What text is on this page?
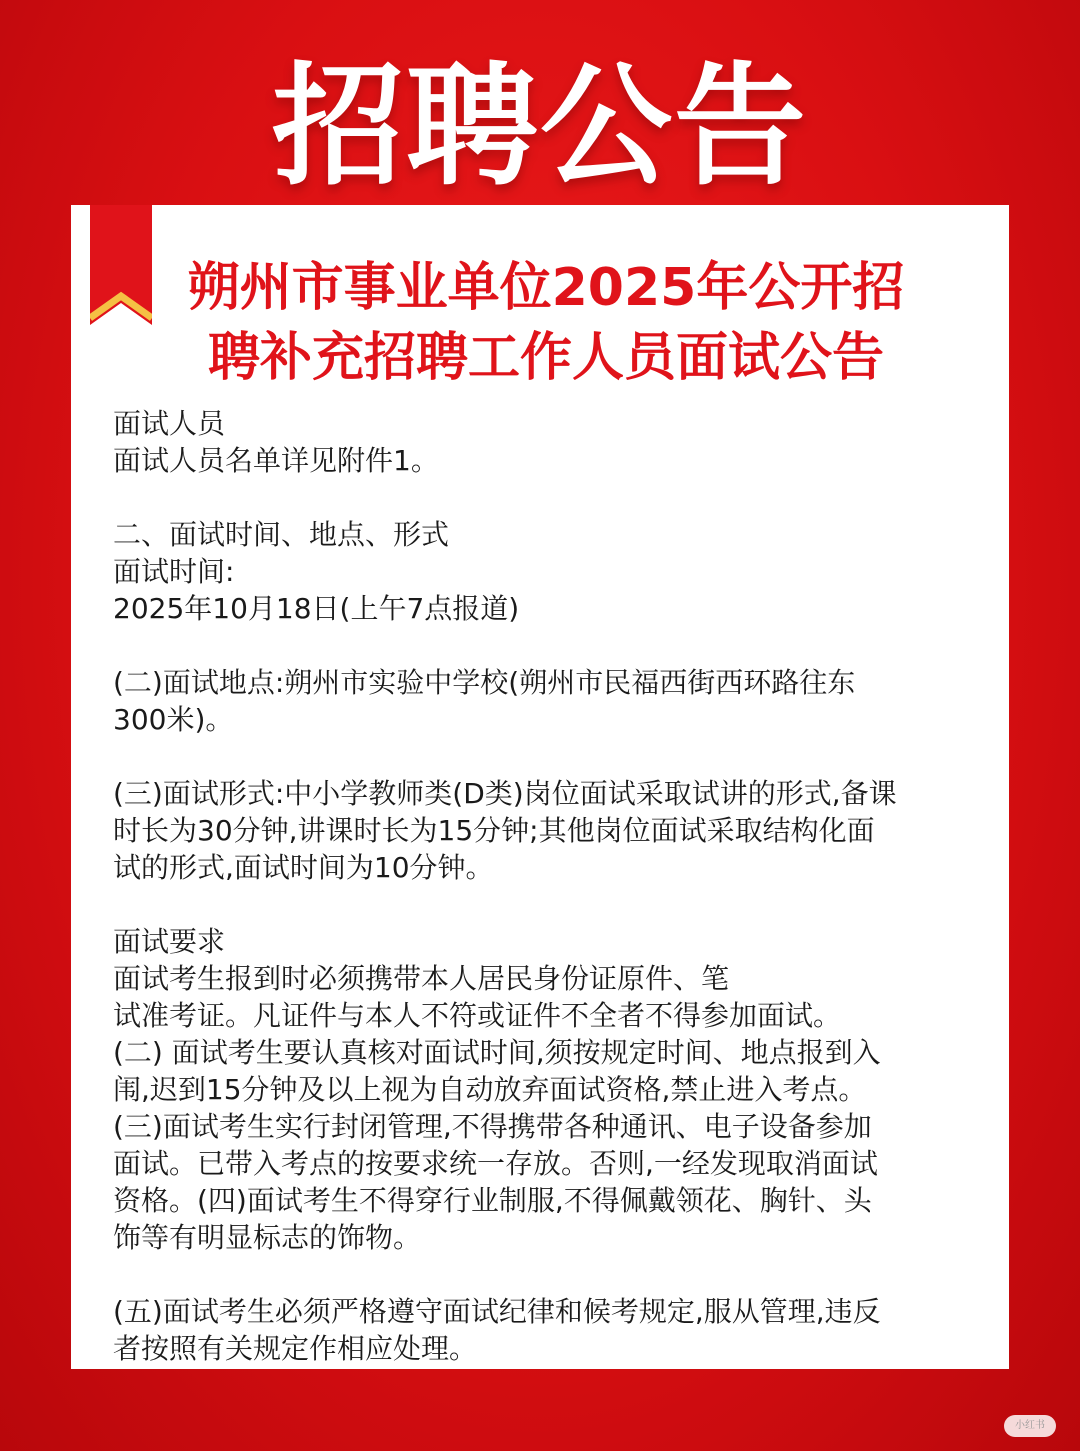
招聘公告
朔州市事业单位2025年公开招
聘补充招聘工作人员面试公告
面试人员
面试人员名单详见附件1。
二、面试时间、地点、形式
面试时间:
2025年10月18日(上午7点报道)
(二)面试地点:朔州市实验中学校(朔州市民福西街西环路往东
300米)。
(三)面试形式:中小学教师类(D类)岗位面试采取试讲的形式,备课
时长为30分钟,讲课时长为15分钟;其他岗位面试采取结构化面
试的形式,面试时间为10分钟。
面试要求
面试考生报到时必须携带本人居民身份证原件、笔
试准考证。凡证件与本人不符或证件不全者不得参加面试。
(二) 面试考生要认真核对面试时间,须按规定时间、地点报到入
闱,迟到15分钟及以上视为自动放弃面试资格,禁止进入考点。
(三)面试考生实行封闭管理,不得携带各种通讯、电子设备参加
面试。已带入考点的按要求统一存放。否则,一经发现取消面试
资格。(四)面试考生不得穿行业制服,不得佩戴领花、胸针、头
饰等有明显标志的饰物。
(五)面试考生必须严格遵守面试纪律和候考规定,服从管理,违反
者按照有关规定作相应处理。
小红书
